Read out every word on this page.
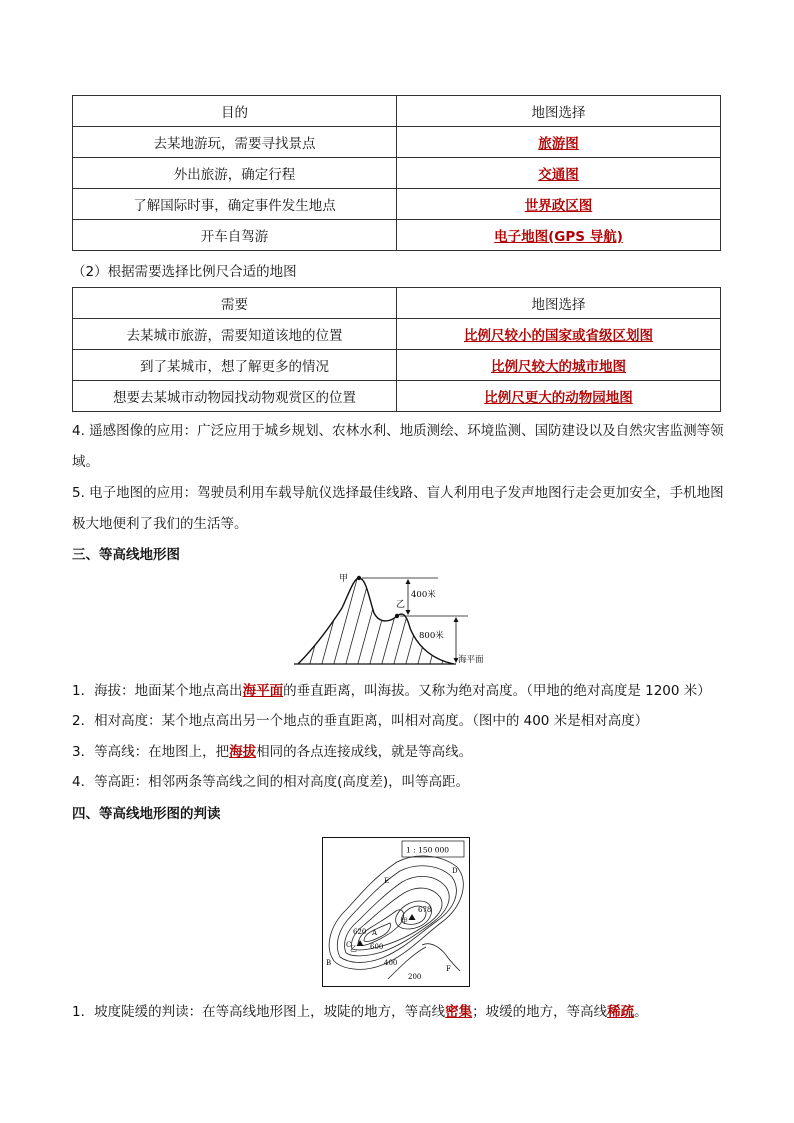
目的	地图选择
去某地游玩，需要寻找景点	旅游图
外出旅游，确定行程	交通图
了解国际时事，确定事件发生地点	世界政区图
开车自驾游	电子地图(GPS 导航)
（2）根据需要选择比例尺合适的地图
需要	地图选择
去某城市旅游，需要知道该地的位置	比例尺较小的国家或省级区划图
到了某城市，想了解更多的情况	比例尺较大的城市地图
想要去某城市动物园找动物观赏区的位置	比例尺更大的动物园地图
4. 遥感图像的应用：广泛应用于城乡规划、农林水利、地质测绘、环境监测、国防建设以及自然灾害监测等领域。
5. 电子地图的应用：驾驶员利用车载导航仪选择最佳线路、盲人利用电子发声地图行走会更加安全，手机地图极大地便利了我们的生活等。
三、等高线地形图
甲
乙
400米
800米
海平面
1．海拔：地面某个地点高出海平面的垂直距离，叫海拔。又称为绝对高度。（甲地的绝对高度是 1200 米）
2．相对高度：某个地点高出另一个地点的垂直距离，叫相对高度。（图中的 400 米是相对高度）
3．等高线：在地图上，把海拔相同的各点连接成线，就是等高线。
4．等高距：相邻两条等高线之间的相对高度(高度差)，叫等高距。
四、等高线地形图的判读
1 : 150 000
678
甲
620
乙 600
400
200
A
B
C
D
E
F
1．坡度陡缓的判读：在等高线地形图上，坡陡的地方，等高线密集；坡缓的地方，等高线稀疏。
